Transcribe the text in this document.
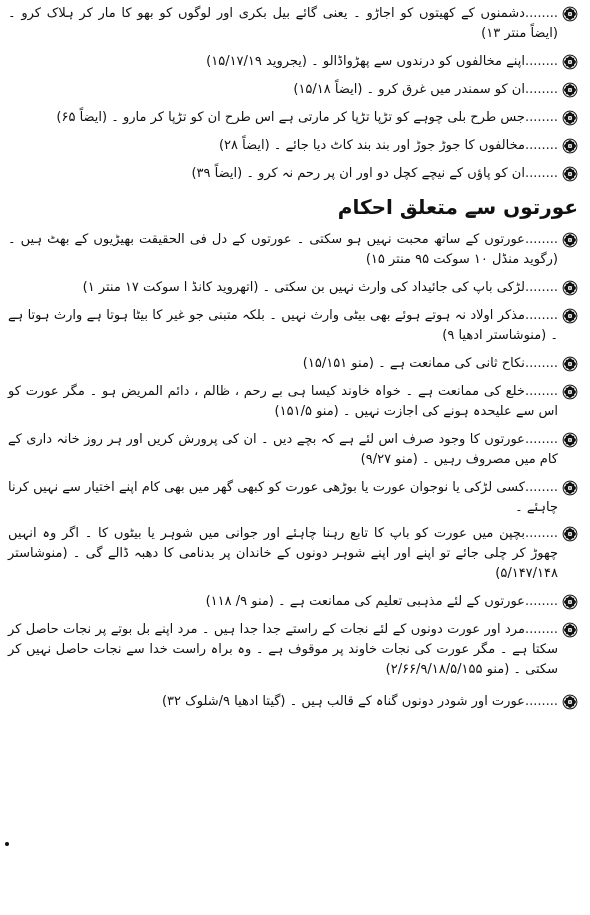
........دشمنوں کے کھیتوں کو اجاڑو ۔ یعنی گائے بیل بکری اور لوگوں کو بھو کا مار کر ہلاک کرو ۔ (ایضاً منتر ۱۳)
........اپنے مخالفوں کو درندوں سے پھڑواڈالو ۔ (یجروید ۱۵/۱۷/۱۹)
........ان کو سمندر میں غرق کرو ۔ (ایضاً ۱۵/۱۸)
........جس طرح بلی چوہے کو تڑپا تڑپا کر مارتی ہے اس طرح ان کو تڑپا کر مارو ۔ (ایضاً ۶۵)
........مخالفوں کا جوڑ جوڑ اور بند بند کاٹ دیا جائے ۔ (ایضاً ۲۸)
........ان کو پاؤں کے نیچے کچل دو اور ان پر رحم نہ کرو ۔ (ایضاً ۳۹)
عورتوں سے متعلق احکام
........عورتوں کے ساتھ محبت نہیں ہو سکتی ۔ عورتوں کے دل فی الحقیقت بھیڑیوں کے بھٹ ہیں ۔ (رگوید منڈل ۱۰ سوکت ۹۵ منتر ۱۵)
........لڑکی باپ کی جائیداد کی وارث نہیں بن سکتی ۔ (اتھروید کانڈ ا سوکت ۱۷ منتر ۱)
........مذکر اولاد نہ ہوتے ہوئے بھی بیٹی وارث نہیں ۔ بلکہ متبنی جو غیر کا بیٹا ہوتا ہے وارث ہوتا ہے ۔ (منوشاستر ادھیا ۹)
........نکاح ثانی کی ممانعت ہے ۔ (منو ۱۵/۱۵۱)
........خلع کی ممانعت ہے ۔ خواہ خاوند کیسا ہی بے رحم ، ظالم ، دائم المریض ہو ۔ مگر عورت کو اس سے علیحدہ ہونے کی اجازت نہیں ۔ (منو ۱۵۱/۵)
........عورتوں کا وجود صرف اس لئے ہے کہ بچے دیں ۔ ان کی پرورش کریں اور ہر روز خانہ داری کے کام میں مصروف رہیں ۔ (منو ۹/۲۷)
........کسی لڑکی یا نوجوان عورت یا بوڑھی عورت کو کبھی گھر میں بھی کام اپنے اختیار سے نہیں کرنا چاہئے ۔
........بچپن میں عورت کو باپ کا تابع رہنا چاہئے اور جوانی میں شوہر یا بیٹوں کا ۔ اگر وہ انہیں چھوڑ کر چلی جائے تو اپنے اور اپنے شوہر دونوں کے خاندان پر بدنامی کا دھبہ ڈالے گی ۔ (منوشاستر ۵/۱۴۷/۱۴۸)
........عورتوں کے لئے مذہبی تعلیم کی ممانعت ہے ۔ (منو ۹/ ۱۱۸)
........مرد اور عورت دونوں کے لئے نجات کے راستے جدا جدا ہیں ۔ مرد اپنے بل بوتے پر نجات حاصل کر سکتا ہے ۔ مگر عورت کی نجات خاوند پر موقوف ہے ۔ وہ براہ راست خدا سے نجات حاصل نہیں کر سکتی ۔ (منو ۲/۶۶/۹/۱۸/۵/۱۵۵)
........عورت اور شودر دونوں گناہ کے قالب ہیں ۔ (گیتا ادھیا ۹/شلوک ۳۲)
